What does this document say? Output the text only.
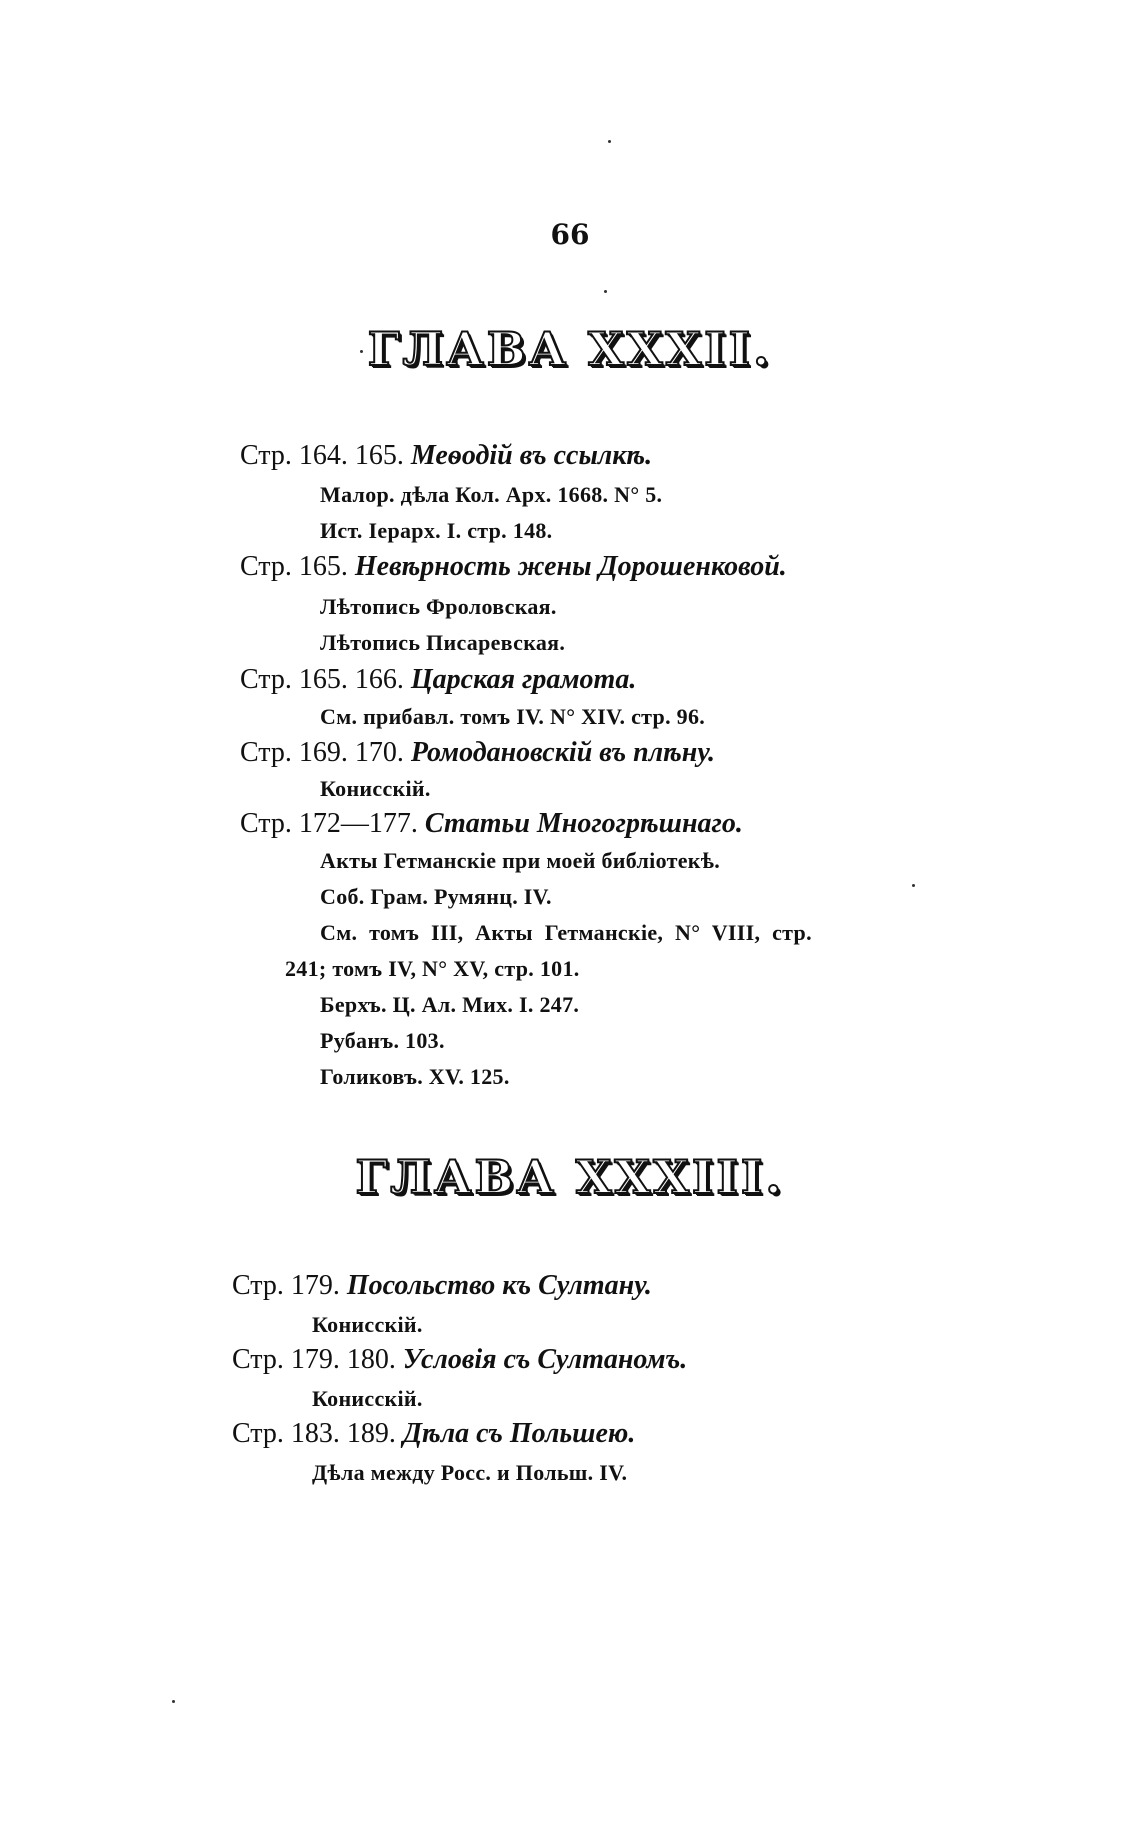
66
ГЛАВА XXXII.
Стр. 164. 165. Меѳодій въ ссылкѣ.
Малор. дѣла Кол. Арх. 1668. N° 5.
Ист. Іерарх. I. стр. 148.
Стр. 165. Невѣрность жены Дорошенковой.
Лѣтопись Фроловская.
Лѣтопись Писаревская.
Стр. 165. 166. Царская грамота.
См. прибавл. томъ IV. N° XIV. стр. 96.
Стр. 169. 170. Ромодановскій въ плѣну.
Конисскій.
Стр. 172—177. Статьи Многогрѣшнаго.
Акты Гетманскіе при моей библіотекѣ.
Соб. Грам. Румянц. IV.
См. томъ III, Акты Гетманскіе, N° VIII, стр.
241; томъ IV, N° XV, стр. 101.
Берхъ. Ц. Ал. Мих. I. 247.
Рубанъ. 103.
Голиковъ. XV. 125.
ГЛАВА XXXIII.
Стр. 179. Посольство къ Султану.
Конисскій.
Стр. 179. 180. Условія съ Султаномъ.
Конисскій.
Стр. 183. 189. Дѣла съ Польшею.
Дѣла между Росс. и Польш. IV.
